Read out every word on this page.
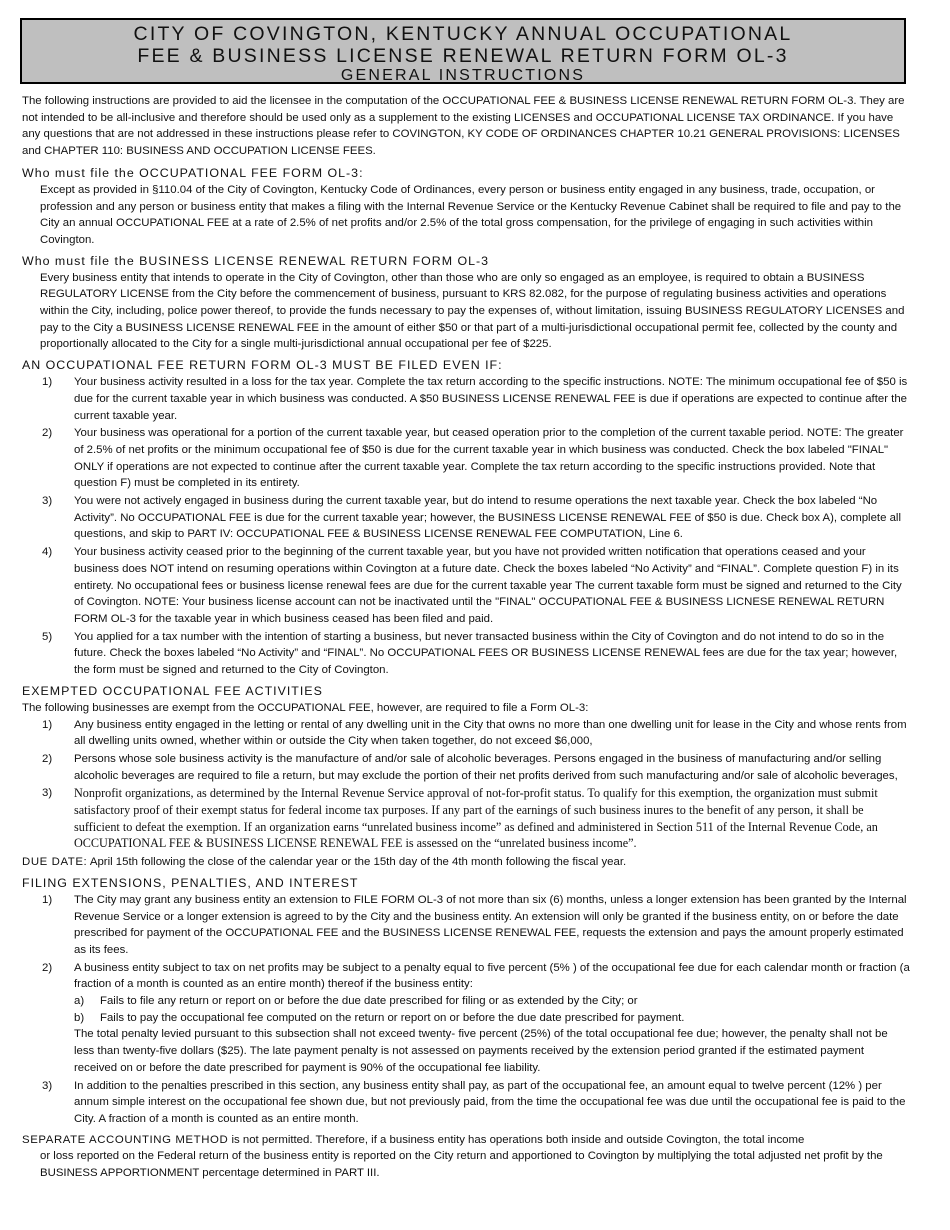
CITY OF COVINGTON, KENTUCKY ANNUAL OCCUPATIONAL
FEE & BUSINESS LICENSE RENEWAL RETURN FORM OL-3
GENERAL INSTRUCTIONS

The following instructions are provided to aid the licensee in the computation of the OCCUPATIONAL FEE & BUSINESS LICENSE RENEWAL RETURN FORM OL-3. They are not intended to be all-inclusive and therefore should be used only as a supplement to the existing LICENSES and OCCUPATIONAL LICENSE TAX ORDINANCE. If you have any questions that are not addressed in these instructions please refer to COVINGTON, KY CODE OF ORDINANCES CHAPTER 10.21 GENERAL PROVISIONS: LICENSES and CHAPTER 110: BUSINESS AND OCCUPATION LICENSE FEES.

Who must file the OCCUPATIONAL FEE FORM OL-3:

Except as provided in §110.04 of the City of Covington, Kentucky Code of Ordinances, every person or business entity engaged in any business, trade, occupation, or profession and any person or business entity that makes a filing with the Internal Revenue Service or the Kentucky Revenue Cabinet shall be required to file and pay to the City an annual OCCUPATIONAL FEE at a rate of 2.5% of net profits and/or 2.5% of the total gross compensation, for the privilege of engaging in such activities within Covington.

Who must file the BUSINESS LICENSE RENEWAL RETURN FORM OL-3

Every business entity that intends to operate in the City of Covington, other than those who are only so engaged as an employee, is required to obtain a BUSINESS REGULATORY LICENSE from the City before the commencement of business, pursuant to KRS 82.082, for the purpose of regulating business activities and operations within the City, including, police power thereof, to provide the funds necessary to pay the expenses of, without limitation, issuing BUSINESS REGULATORY LICENSES and pay to the City a BUSINESS LICENSE RENEWAL FEE in the amount of either $50 or that part of a multi-jurisdictional occupational permit fee, collected by the county and proportionally allocated to the City for a single multi-jurisdictional annual occupational per fee of $225.

AN OCCUPATIONAL FEE RETURN FORM OL-3 MUST BE FILED EVEN IF:
1)	Your business activity resulted in a loss for the tax year. Complete the tax return according to the specific instructions. NOTE: The minimum occupational fee of $50 is due for the current taxable year in which business was conducted. A $50 BUSINESS LICENSE RENEWAL FEE is due if operations are expected to continue after the current taxable year.
2)	Your business was operational for a portion of the current taxable year, but ceased operation prior to the completion of the current taxable period. NOTE: The greater of 2.5% of net profits or the minimum occupational fee of $50 is due for the current taxable year in which business was conducted. Check the box labeled "FINAL" ONLY if operations are not expected to continue after the current taxable year. Complete the tax return according to the specific instructions provided. Note that question F) must be completed in its entirety.
3)	You were not actively engaged in business during the current taxable year, but do intend to resume operations the next taxable year. Check the box labeled “No Activity”. No OCCUPATIONAL FEE is due for the current taxable year; however, the BUSINESS LICENSE RENEWAL FEE of $50 is due. Check box A), complete all questions, and skip to PART IV: OCCUPATIONAL FEE & BUSINESS LICENSE RENEWAL FEE COMPUTATION, Line 6.
4)	Your business activity ceased prior to the beginning of the current taxable year, but you have not provided written notification that operations ceased and your business does NOT intend on resuming operations within Covington at a future date. Check the boxes labeled “No Activity” and “FINAL”. Complete question F) in its entirety. No occupational fees or business license renewal fees are due for the current taxable year The current taxable form must be signed and returned to the City of Covington. NOTE: Your business license account can not be inactivated until the "FINAL" OCCUPATIONAL FEE & BUSINESS LICNESE RENEWAL RETURN FORM OL-3 for the taxable year in which business ceased has been filed and paid.
5)	You applied for a tax number with the intention of starting a business, but never transacted business within the City of Covington and do not intend to do so in the future. Check the boxes labeled “No Activity” and “FINAL”. No OCCUPATIONAL FEES OR BUSINESS LICENSE RENEWAL fees are due for the tax year; however, the form must be signed and returned to the City of Covington.
EXEMPTED OCCUPATIONAL FEE ACTIVITIES

The following businesses are exempt from the OCCUPATIONAL FEE, however, are required to file a Form OL-3:

1)	Any business entity engaged in the letting or rental of any dwelling unit in the City that owns no more than one dwelling unit for lease in the City and whose rents from all dwelling units owned, whether within or outside the City when taken together, do not exceed $6,000,
2)	Persons whose sole business activity is the manufacture of and/or sale of alcoholic beverages. Persons engaged in the business of manufacturing and/or selling alcoholic beverages are required to file a return, but may exclude the portion of their net profits derived from such manufacturing and/or sale of alcoholic beverages,
3)	Nonprofit organizations, as determined by the Internal Revenue Service approval of not-for-profit status. To qualify for this exemption, the organization must submit satisfactory proof of their exempt status for federal income tax purposes. If any part of the earnings of such business inures to the benefit of any person, it shall be sufficient to defeat the exemption. If an organization earns “unrelated business income” as defined and administered in Section 511 of the Internal Revenue Code, an OCCUPATIONAL FEE & BUSINESS LICENSE RENEWAL FEE is assessed on the “unrelated business income”.

DUE DATE: April 15th following the close of the calendar year or the 15th day of the 4th month following the fiscal year.

FILING EXTENSIONS, PENALTIES, AND INTEREST
1)	The City may grant any business entity an extension to FILE FORM OL-3 of not more than six (6) months, unless a longer extension has been granted by the Internal Revenue Service or a longer extension is agreed to by the City and the business entity. An extension will only be granted if the business entity, on or before the date prescribed for payment of the OCCUPATIONAL FEE and the BUSINESS LICENSE RENEWAL FEE, requests the extension and pays the amount properly estimated as its fees.
2)	A business entity subject to tax on net profits may be subject to a penalty equal to five percent (5% ) of the occupational fee due for each calendar month or fraction (a fraction of a month is counted as an entire month) thereof if the business entity:
a)	Fails to file any return or report on or before the due date prescribed for filing or as extended by the City; or
b)	Fails to pay the occupational fee computed on the return or report on or before the due date prescribed for payment.
The total penalty levied pursuant to this subsection shall not exceed twenty- five percent (25%) of the total occupational fee due; however, the penalty shall not be less than twenty-five dollars ($25). The late payment penalty is not assessed on payments received by the extension period granted if the estimated payment received on or before the date prescribed for payment is 90% of the occupational fee liability.
3)	In addition to the penalties prescribed in this section, any business entity shall pay, as part of the occupational fee, an amount equal to twelve percent (12% ) per annum simple interest on the occupational fee shown due, but not previously paid, from the time the occupational fee was due until the occupational fee is paid to the City. A fraction of a month is counted as an entire month.

SEPARATE ACCOUNTING METHOD is not permitted. Therefore, if a business entity has operations both inside and outside Covington, the total income

or loss reported on the Federal return of the business entity is reported on the City return and apportioned to Covington by multiplying the total adjusted net profit by the BUSINESS APPORTIONMENT percentage determined in PART III.
